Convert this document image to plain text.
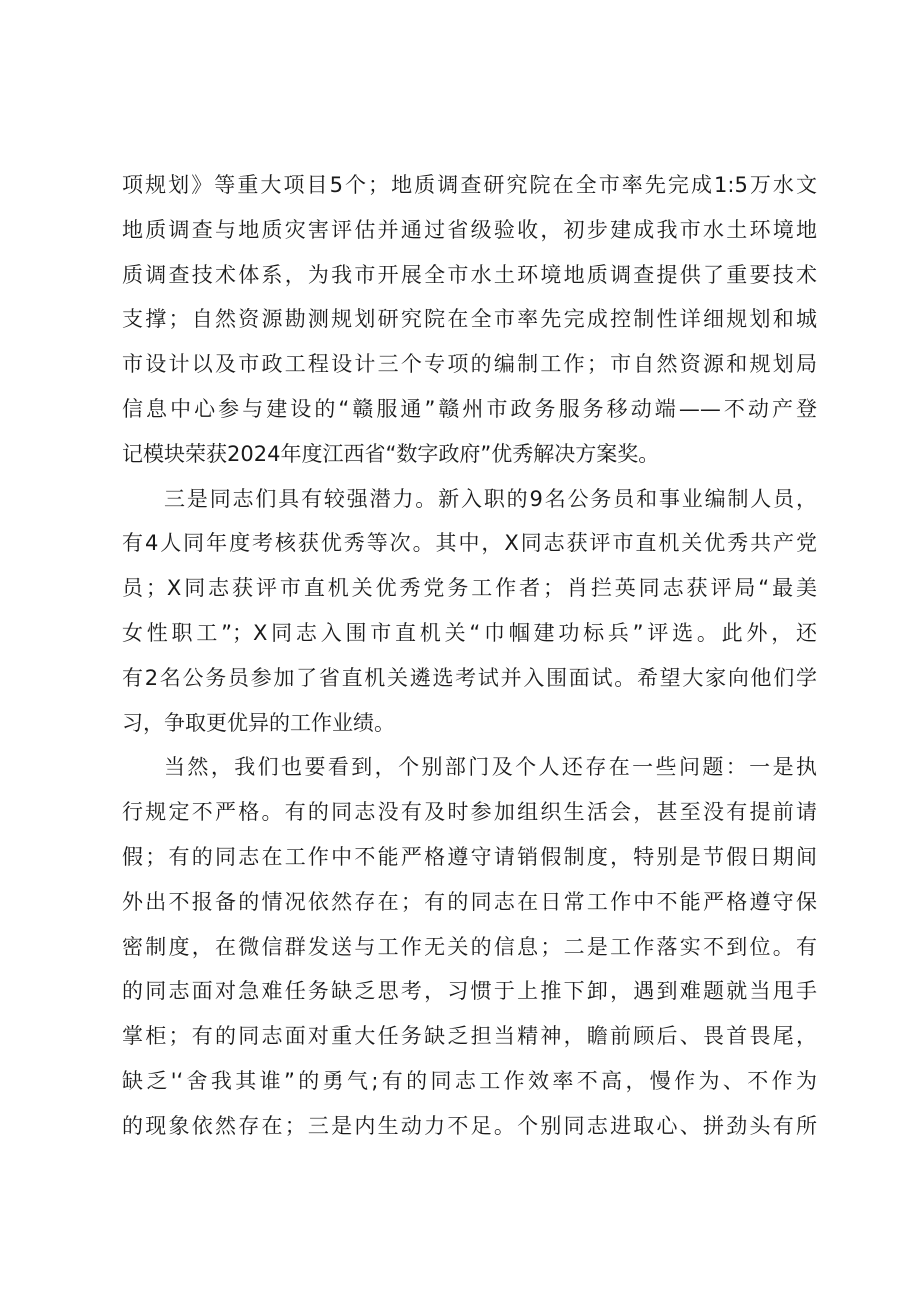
项规划》等重大项目5个；地质调查研究院在全市率先完成1:5万水文
地质调查与地质灾害评估并通过省级验收，初步建成我市水土环境地
质调查技术体系，为我市开展全市水土环境地质调查提供了重要技术
支撑；自然资源勘测规划研究院在全市率先完成控制性详细规划和城
市设计以及市政工程设计三个专项的编制工作；市自然资源和规划局
信息中心参与建设的“赣服通”赣州市政务服务移动端——不动产登
记模块荣获2024年度江西省“数字政府”优秀解决方案奖。
三是同志们具有较强潜力。新入职的9名公务员和事业编制人员，
有4人同年度考核获优秀等次。其中，X同志获评市直机关优秀共产党
员；X同志获评市直机关优秀党务工作者；肖拦英同志获评局“最美
女性职工”；X同志入围市直机关“巾帼建功标兵”评选。此外，还
有2名公务员参加了省直机关遴选考试并入围面试。希望大家向他们学
习，争取更优异的工作业绩。
当然，我们也要看到，个别部门及个人还存在一些问题：一是执
行规定不严格。有的同志没有及时参加组织生活会，甚至没有提前请
假；有的同志在工作中不能严格遵守请销假制度，特别是节假日期间
外出不报备的情况依然存在；有的同志在日常工作中不能严格遵守保
密制度，在微信群发送与工作无关的信息；二是工作落实不到位。有
的同志面对急难任务缺乏思考，习惯于上推下卸，遇到难题就当甩手
掌柜；有的同志面对重大任务缺乏担当精神，瞻前顾后、畏首畏尾，
缺乏'‘舍我其谁”的勇气;有的同志工作效率不高，慢作为、不作为
的现象依然存在；三是内生动力不足。个别同志进取心、拼劲头有所
